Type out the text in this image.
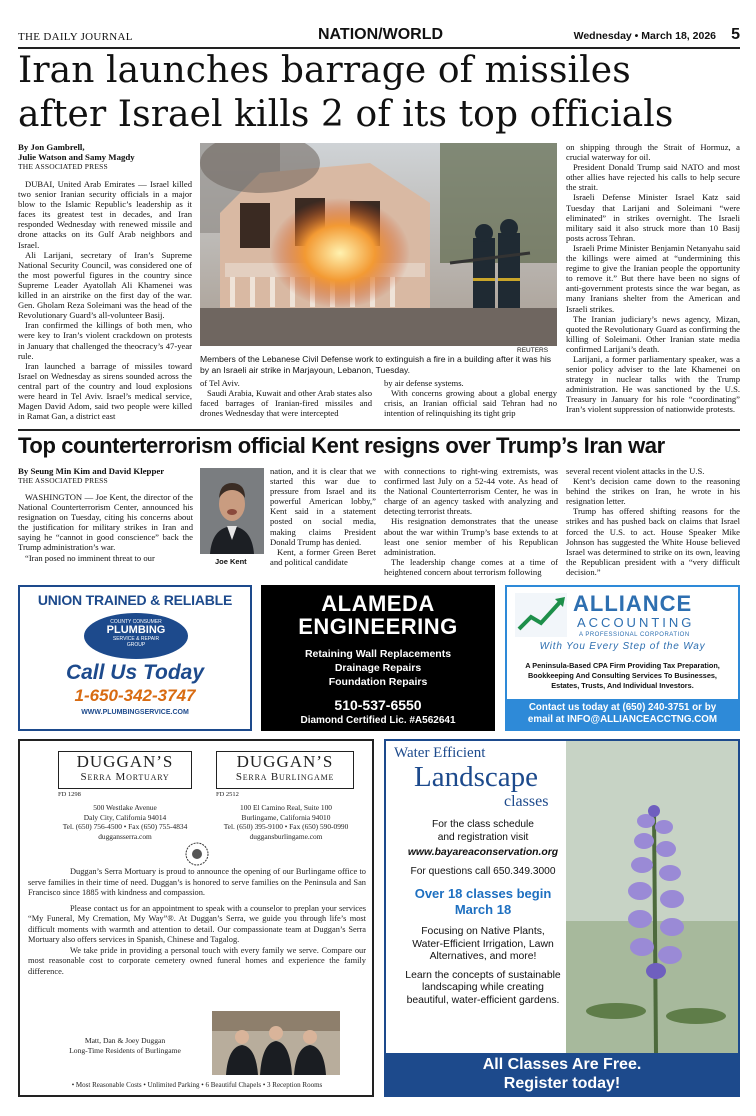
THE DAILY JOURNAL	NATION/WORLD	Wednesday • March 18, 2026 5
Iran launches barrage of missiles
after Israel kills 2 of its top officials
By Jon Gambrell,
Julie Watson and Samy Magdy
THE ASSOCIATED PRESS

DUBAI, United Arab Emirates — Israel killed two senior Iranian security officials in a major blow to the Islamic Republic’s leadership as it faces its greatest test in decades, and Iran responded Wednesday with renewed missile and drone attacks on its Gulf Arab neighbors and Israel.

Ali Larijani, secretary of Iran’s Supreme National Security Council, was considered one of the most powerful figures in the country since Supreme Leader Ayatollah Ali Khamenei was killed in an airstrike on the first day of the war. Gen. Gholam Reza Soleimani was the head of the Revolutionary Guard’s all-volunteer Basij.

Iran confirmed the killings of both men, who were key to Iran’s violent crackdown on protests in January that challenged the theocracy’s 47-year rule.

Iran launched a barrage of missiles toward Israel on Wednesday as sirens sounded across the central part of the country and loud explosions were heard in Tel Aviv. Israel’s medical service, Magen David Adom, said two people were killed in Ramat Gan, a district east

REUTERS
Members of the Lebanese Civil Defense work to extinguish a fire in a building after it was his by an Israeli air strike in Marjayoun, Lebanon, Tuesday.
of Tel Aviv.

Saudi Arabia, Kuwait and other Arab states also faced barrages of Iranian-fired missiles and drones Wednesday that were intercepted

by air defense systems.

With concerns growing about a global energy crisis, an Iranian official said Tehran had no intention of relinquishing its tight grip

on shipping through the Strait of Hormuz, a crucial waterway for oil.

President Donald Trump said NATO and most other allies have rejected his calls to help secure the strait.

Israeli Defense Minister Israel Katz said Tuesday that Larijani and Soleimani “were eliminated” in strikes overnight. The Israeli military said it also struck more than 10 Basij posts across Tehran.

Israeli Prime Minister Benjamin Netanyahu said the killings were aimed at “undermining this regime to give the Iranian people the opportunity to remove it.” But there have been no signs of anti-government protests since the war began, as many Iranians shelter from the American and Israeli strikes.

The Iranian judiciary’s news agency, Mizan, quoted the Revolutionary Guard as confirming the killing of Soleimani. Other Iranian state media confirmed Larijani’s death.

Larijani, a former parliamentary speaker, was a senior policy adviser to the late Khamenei on strategy in nuclear talks with the Trump administration. He was sanctioned by the U.S. Treasury in January for his role “coordinating” Iran’s violent suppression of nationwide protests.

Top counterterrorism official Kent resigns over Trump’s Iran war
By Seung Min Kim and David Klepper
THE ASSOCIATED PRESS

WASHINGTON — Joe Kent, the director of the National Counterterrorism Center, announced his resignation on Tuesday, citing his concerns about the justification for military strikes in Iran and saying he “cannot in good conscience” back the Trump administration’s war.

“Iran posed no imminent threat to our	Joe Kent
nation, and it is clear that we started this war due to pressure from Israel and its powerful American lobby,” Kent said in a statement posted on social media, making claims President Donald Trump has denied.

Kent, a former Green Beret and political candidate

with connections to right-wing extremists, was confirmed last July on a 52-44 vote. As head of the National Counterterrorism Center, he was in charge of an agency tasked with analyzing and detecting terrorist threats.

His resignation demonstrates that the unease about the war within Trump’s base extends to at least one senior member of his Republican administration.

The leadership change comes at a time of heightened concern about terrorism following

several recent violent attacks in the U.S.

Kent’s decision came down to the reasoning behind the strikes on Iran, he wrote in his resignation letter.

Trump has offered shifting reasons for the strikes and has pushed back on claims that Israel forced the U.S. to act. House Speaker Mike Johnson has suggested the White House believed Israel was determined to strike on its own, leaving the Republican president with a “very difficult decision.”

UNION TRAINED & RELIABLE
COUNTY CONSUMER
PLUMBING
SERVICE & REPAIR
GROUP
Call Us Today
1-650-342-3747
WWW.PLUMBINGSERVICE.COM
ALAMEDA
ENGINEERING
Retaining Wall Replacements
Drainage Repairs
Foundation Repairs
510-537-6550
Diamond Certified Lic. #A562641
ALLIANCE
ACCOUNTING
A PROFESSIONAL CORPORATION
With You Every Step of the Way
A Peninsula-Based CPA Firm Providing Tax Preparation, Bookkeeping And Consulting Services To Businesses, Estates, Trusts, And Individual Investors.
Contact us today at (650) 240-3751 or by
email at INFO@ALLIANCEACCTNG.COM
DUGGAN’S
Serra Mortuary
DUGGAN’S
Serra Burlingame
FD 1298	FD 2512
500 Westlake Avenue
Daly City, California 94014
Tel. (650) 756-4500 • Fax (650) 755-4834
duggansserra.com
100 El Camino Real, Suite 100
Burlingame, California 94010
Tel. (650) 395-9100 • Fax (650) 590-0990
duggansburlingame.com

Duggan’s Serra Mortuary is proud to announce the opening of our Burlingame office to serve families in their time of need. Duggan’s is honored to serve families on the Peninsula and San Francisco since 1885 with kindness and compassion.

Please contact us for an appointment to speak with a counselor to preplan your services “My Funeral, My Cremation, My Way”®. At Duggan’s Serra, we guide you through life’s most difficult moments with warmth and attention to detail. Our compassionate team at Duggan’s Serra Mortuary also offers services in Spanish, Chinese and Tagalog.

We take pride in providing a personal touch with every family we serve. Compare our most reasonable cost to corporate cemetery owned funeral homes and experience the family difference.

Matt, Dan & Joey Duggan
Long-Time Residents of Burlingame
• Most Reasonable Costs • Unlimited Parking • 6 Beautiful Chapels • 3 Reception Rooms
Water Efficient
Landscape
classes
For the class schedule
and registration visit
www.bayareaconservation.org
For questions call 650.349.3000
Over 18 classes begin
March 18
Focusing on Native Plants,
Water-Efficient Irrigation, Lawn
Alternatives, and more!
Learn the concepts of sustainable
landscaping while creating
beautiful, water-efficient gardens.
All Classes Are Free.
Register today!
